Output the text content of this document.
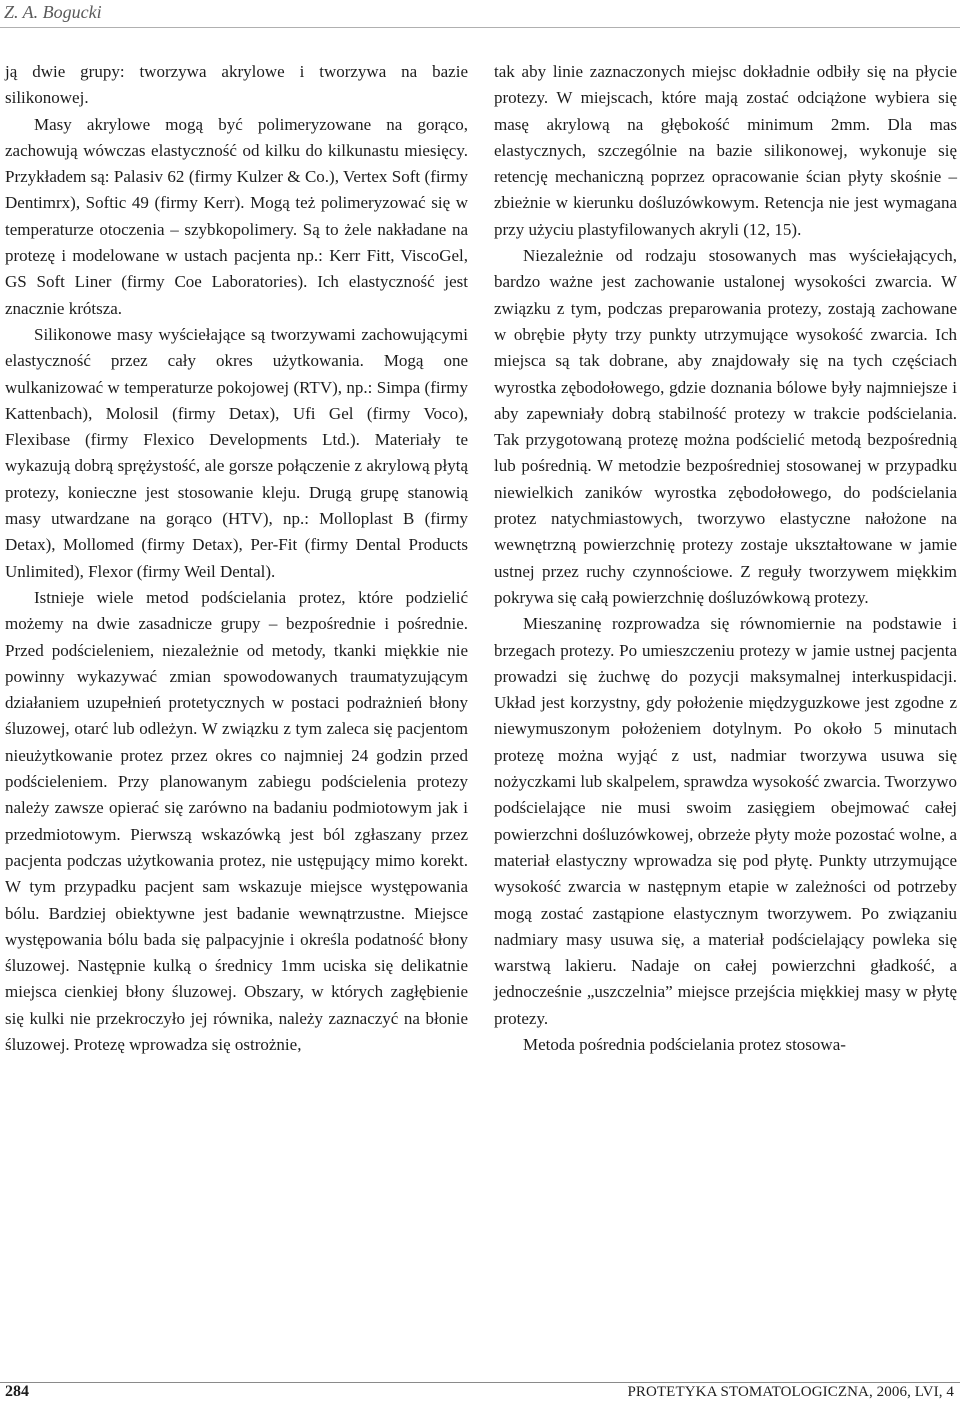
Z. A. Bogucki

ją dwie grupy: tworzywa akrylowe i tworzywa na bazie silikonowej.

Masy akrylowe mogą być polimeryzowane na gorąco, zachowują wówczas elastyczność od kilku do kilkunastu miesięcy. Przykładem są: Palasiv 62 (firmy Kulzer & Co.), Vertex Soft (firmy Dentimrx), Softic 49 (firmy Kerr). Mogą też polimeryzować się w temperaturze otoczenia – szybkopolimery. Są to żele nakładane na protezę i modelowane w ustach pacjenta np.: Kerr Fitt, ViscoGel, GS Soft Liner (firmy Coe Laboratories). Ich elastyczność jest znacznie krótsza.

Silikonowe masy wyściełające są tworzywami zachowującymi elastyczność przez cały okres użytkowania. Mogą one wulkanizować w temperaturze pokojowej (RTV), np.: Simpa (firmy Kattenbach), Molosil (firmy Detax), Ufi Gel (firmy Voco), Flexibase (firmy Flexico Developments Ltd.). Materiały te wykazują dobrą sprężystość, ale gorsze połączenie z akrylową płytą protezy, konieczne jest stosowanie kleju. Drugą grupę stanowią masy utwardzane na gorąco (HTV), np.: Molloplast B (firmy Detax), Mollomed (firmy Detax), Per-Fit (firmy Dental Products Unlimited), Flexor (firmy Weil Dental).

Istnieje wiele metod podścielania protez, które podzielić możemy na dwie zasadnicze grupy – bezpośrednie i pośrednie. Przed podścieleniem, niezależnie od metody, tkanki miękkie nie powinny wykazywać zmian spowodowanych traumatyzującym działaniem uzupełnień protetycznych w postaci podrażnień błony śluzowej, otarć lub odleżyn. W związku z tym zaleca się pacjentom nieużytkowanie protez przez okres co najmniej 24 godzin przed podścieleniem. Przy planowanym zabiegu podścielenia protezy należy zawsze opierać się zarówno na badaniu podmiotowym jak i przedmiotowym. Pierwszą wskazówką jest ból zgłaszany przez pacjenta podczas użytkowania protez, nie ustępujący mimo korekt. W tym przypadku pacjent sam wskazuje miejsce występowania bólu. Bardziej obiektywne jest badanie wewnątrzustne. Miejsce występowania bólu bada się palpacyjnie i określa podatność błony śluzowej. Następnie kulką o średnicy 1mm uciska się delikatnie miejsca cienkiej błony śluzowej. Obszary, w których zagłębienie się kulki nie przekroczyło jej równika, należy zaznaczyć na błonie śluzowej. Protezę wprowadza się ostrożnie,

tak aby linie zaznaczonych miejsc dokładnie odbiły się na płycie protezy. W miejscach, które mają zostać odciążone wybiera się masę akrylową na głębokość minimum 2mm. Dla mas elastycznych, szczególnie na bazie silikonowej, wykonuje się retencję mechaniczną poprzez opracowanie ścian płyty skośnie – zbieżnie w kierunku dośluzówkowym. Retencja nie jest wymagana przy użyciu plastyfilowanych akryli (12, 15).

Niezależnie od rodzaju stosowanych mas wyściełających, bardzo ważne jest zachowanie ustalonej wysokości zwarcia. W związku z tym, podczas preparowania protezy, zostają zachowane w obrębie płyty trzy punkty utrzymujące wysokość zwarcia. Ich miejsca są tak dobrane, aby znajdowały się na tych częściach wyrostka zębodołowego, gdzie doznania bólowe były najmniejsze i aby zapewniały dobrą stabilność protezy w trakcie podścielania. Tak przygotowaną protezę można podścielić metodą bezpośrednią lub pośrednią. W metodzie bezpośredniej stosowanej w przypadku niewielkich zaników wyrostka zębodołowego, do podścielania protez natychmiastowych, tworzywo elastyczne nałożone na wewnętrzną powierzchnię protezy zostaje ukształtowane w jamie ustnej przez ruchy czynnościowe. Z reguły tworzywem miękkim pokrywa się całą powierzchnię dośluzówkową protezy.

Mieszaninę rozprowadza się równomiernie na podstawie i brzegach protezy. Po umieszczeniu protezy w jamie ustnej pacjenta prowadzi się żuchwę do pozycji maksymalnej interkuspidacji. Układ jest korzystny, gdy położenie międzyguzkowe jest zgodne z niewymuszonym położeniem dotylnym. Po około 5 minutach protezę można wyjąć z ust, nadmiar tworzywa usuwa się nożyczkami lub skalpelem, sprawdza wysokość zwarcia. Tworzywo podścielające nie musi swoim zasięgiem obejmować całej powierzchni dośluzówkowej, obrzeże płyty może pozostać wolne, a materiał elastyczny wprowadza się pod płytę. Punkty utrzymujące wysokość zwarcia w następnym etapie w zależności od potrzeby mogą zostać zastąpione elastycznym tworzywem. Po związaniu nadmiary masy usuwa się, a materiał podścielający powleka się warstwą lakieru. Nadaje on całej powierzchni gładkość, a jednocześnie „uszczelnia” miejsce przejścia miękkiej masy w płytę protezy.

Metoda pośrednia podścielania protez stosowa-

284	PROTETYKA STOMATOLOGICZNA, 2006, LVI, 4
